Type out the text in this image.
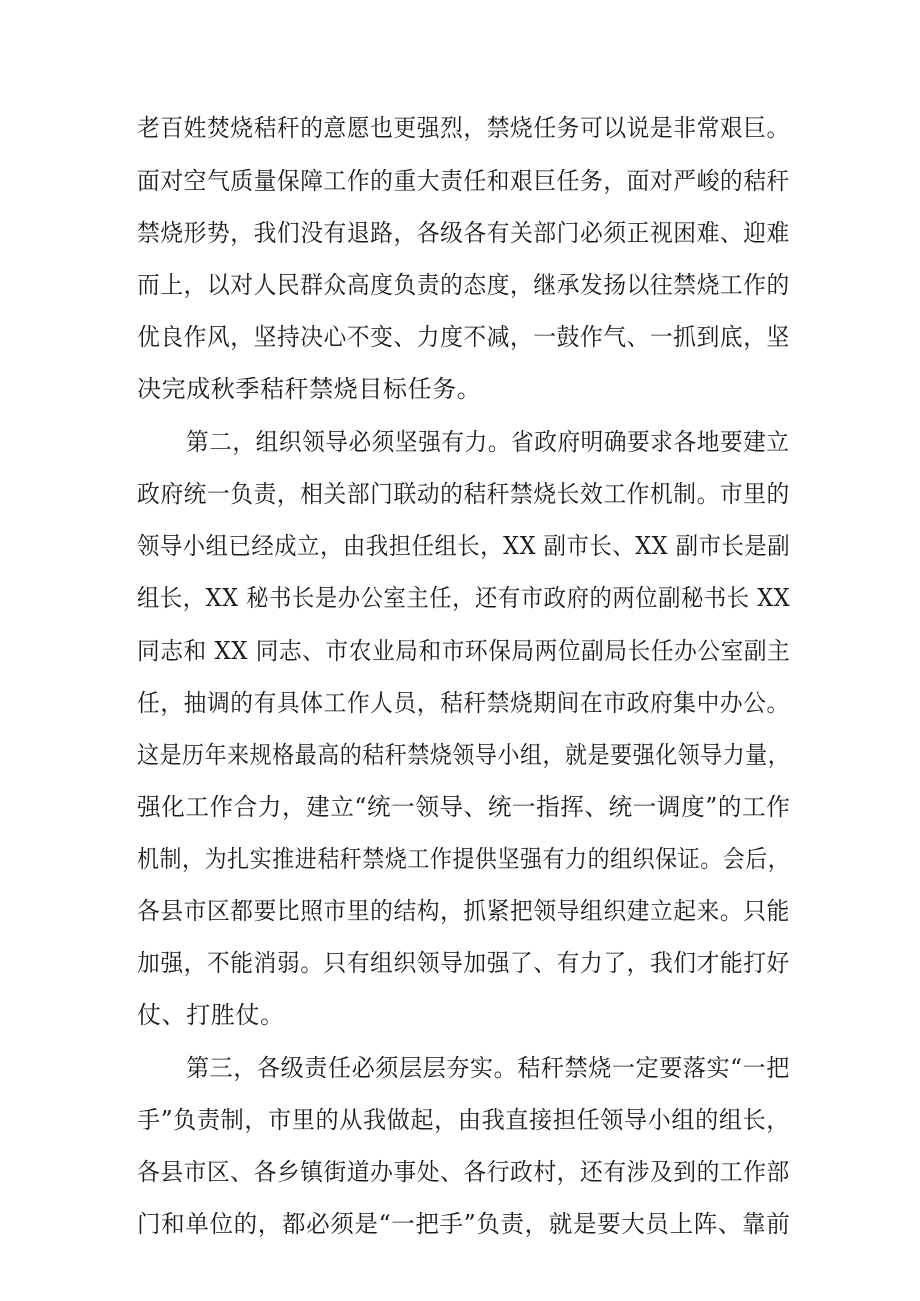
老百姓焚烧秸秆的意愿也更强烈，禁烧任务可以说是非常艰巨。
面对空气质量保障工作的重大责任和艰巨任务，面对严峻的秸秆
禁烧形势，我们没有退路，各级各有关部门必须正视困难、迎难
而上，以对人民群众高度负责的态度，继承发扬以往禁烧工作的
优良作风，坚持决心不变、力度不减，一鼓作气、一抓到底，坚
决完成秋季秸秆禁烧目标任务。
第二，组织领导必须坚强有力。省政府明确要求各地要建立
政府统一负责，相关部门联动的秸秆禁烧长效工作机制。市里的
领导小组已经成立，由我担任组长，XX 副市长、XX 副市长是副
组长，XX 秘书长是办公室主任，还有市政府的两位副秘书长 XX
同志和 XX 同志、市农业局和市环保局两位副局长任办公室副主
任，抽调的有具体工作人员，秸秆禁烧期间在市政府集中办公。
这是历年来规格最高的秸秆禁烧领导小组，就是要强化领导力量，
强化工作合力，建立“统一领导、统一指挥、统一调度”的工作
机制，为扎实推进秸秆禁烧工作提供坚强有力的组织保证。会后，
各县市区都要比照市里的结构，抓紧把领导组织建立起来。只能
加强，不能消弱。只有组织领导加强了、有力了，我们才能打好
仗、打胜仗。
第三，各级责任必须层层夯实。秸秆禁烧一定要落实“一把
手”负责制，市里的从我做起，由我直接担任领导小组的组长，
各县市区、各乡镇街道办事处、各行政村，还有涉及到的工作部
门和单位的，都必须是“一把手”负责，就是要大员上阵、靠前
